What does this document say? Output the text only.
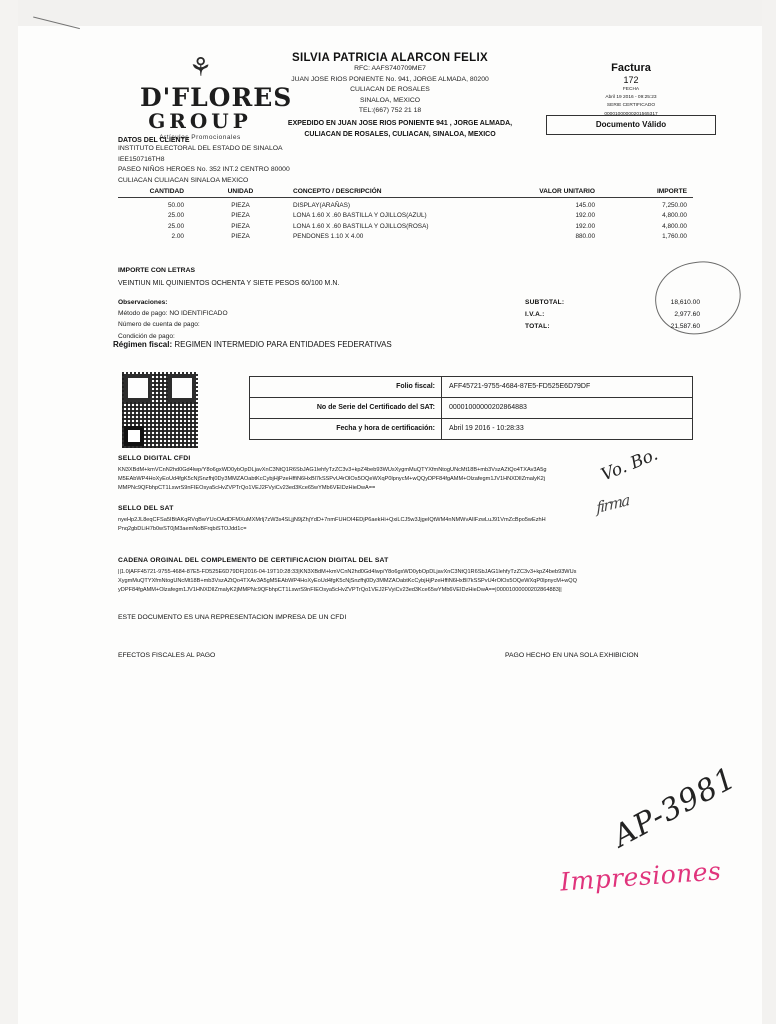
⚘
D'FLORES
GROUP
Artículos Promocionales
SILVIA PATRICIA ALARCON FELIX
RFC: AAFS740709ME7
JUAN JOSE RIOS PONIENTE No. 941, JORGE ALMADA, 80200
CULIACAN DE ROSALES
SINALOA, MEXICO
TEL:(667) 752 21 18
EXPEDIDO EN JUAN JOSE RIOS PONIENTE 941 , JORGE ALMADA,
CULIACAN DE ROSALES, CULIACAN, SINALOA, MEXICO
Factura
172
FECHA
Abril 19 2016 - 09:25:23
SERIE CERTIFICADO
00001000000201565317
Documento Válido
DATOS DEL CLIENTE
INSTITUTO ELECTORAL DEL ESTADO DE SINALOA
IEE150716TH8
PASEO NIÑOS HEROES No. 352 INT.2 CENTRO 80000
CULIACAN CULIACAN SINALOA MEXICO
CANTIDAD	UNIDAD	CONCEPTO / DESCRIPCIÓN	VALOR UNITARIO	IMPORTE
50.00	PIEZA	DISPLAY(ARAÑAS)	145.00	7,250.00
25.00	PIEZA	LONA 1.60 X .60 BASTILLA Y OJILLOS(AZUL)	192.00	4,800.00
25.00	PIEZA	LONA 1.60 X .60 BASTILLA Y OJILLOS(ROSA)	192.00	4,800.00
2.00	PIEZA	PENDONES 1.10 X 4.00	880.00	1,760.00
IMPORTE CON LETRAS
VEINTIUN MIL QUINIENTOS OCHENTA Y SIETE PESOS 60/100 M.N.
Observaciones:
Método de pago: NO IDENTIFICADO
Número de cuenta de pago:
Condición de pago:
SUBTOTAL:	18,610.00
I.V.A.:	2,977.60
TOTAL:	21,587.60
Régimen fiscal: REGIMEN INTERMEDIO PARA ENTIDADES FEDERATIVAS
Folio fiscal:	AFF45721-9755-4684-87E5-FD525E6D79DF
No de Serie del Certificado del SAT:	00001000000202864883
Fecha y hora de certificación:	Abril 19 2016 - 10:28:33
SELLO DIGITAL CFDI
KN3XBdM+kmVCnN2hd0Gd4lwp/Y8o6gxWD0ybOpDLjavXnC3NtQ1R6SbJAG1lehfyTzZC3v3+kpZ4beb93WUsXygmMuQTYXfmNtogUNcMt18B+mb3VszAZtQo4TXAv3A5gM5EAbWP4HoXyEoUd4fgK5cNjSnzfhj0Dy3MMZAOabtKcCybjHjPzeHffiN6HxBl7kSSPvU4rOlOs5OQeWXqP0lpnycM+wQQyDPF84fgAMM+Olzafegm1JV1HNXDlIZmalyK2jMMPNc9QFbhpCT1LswrS9nFIEOsya5cHvZVPTrQo1VEJ2FVyiCv23ed3Kce65wYMb6VEIDzHieDwA==
SELLO DEL SAT
nyeHp2JL8eqCFSa5IBtAKqRVqBwYUoOAdDFMXuMXMrlj7zW3s4SLjjN9jZhjYdD+7nmFUHOI4EDjP6aekHi+QxiLCJ5w3JjgeIQtWM4nNMWvAIlFzwLuJ91VmZcBpo5wEzhHPnq2gbDLiH7b0wST0jM3aemNoBFrqbiSTOJdd1c=
CADENA ORGINAL DEL COMPLEMENTO DE CERTIFICACION DIGITAL DEL SAT
||1.0|AFF45721-9755-4684-87E5-FD525E6D79DF|2016-04-19T10:28:33|KN3XBdM+kmVCnN2hd0Gd4lwp/Y8o6gxWD0ybOpDLjavXnC3NtQ1R6SbJAG1lehfyTzZC3v3+kpZ4beb93WUsXygmMuQTYXfmNtogUNcMt18B+mb3VszAZtQo4TXAv3A5gM5EAbWP4HoXyEoUd4fgK5cNjSnzfhj0Dy3MMZAOabtKcCybjHjPzeHffiN6HxBl7kSSPvU4rOlOs5OQeWXqP0lpnycM+wQQyDPF84fgAMM+Olzafegm1JV1HNXDlIZmalyK2jMMPNc9QFbhpCT1LswrS9nFIEOsya5cHvZVPTrQo1VEJ2FVyiCv23ed3Kce65wYMb6VEIDzHieDwA==|00001000000202864883||
ESTE DOCUMENTO ES UNA REPRESENTACION IMPRESA DE UN CFDI
EFECTOS FISCALES AL PAGO	PAGO HECHO EN UNA SOLA EXHIBICION
Vo. Bo.
firma
AP-3981
Impresiones
